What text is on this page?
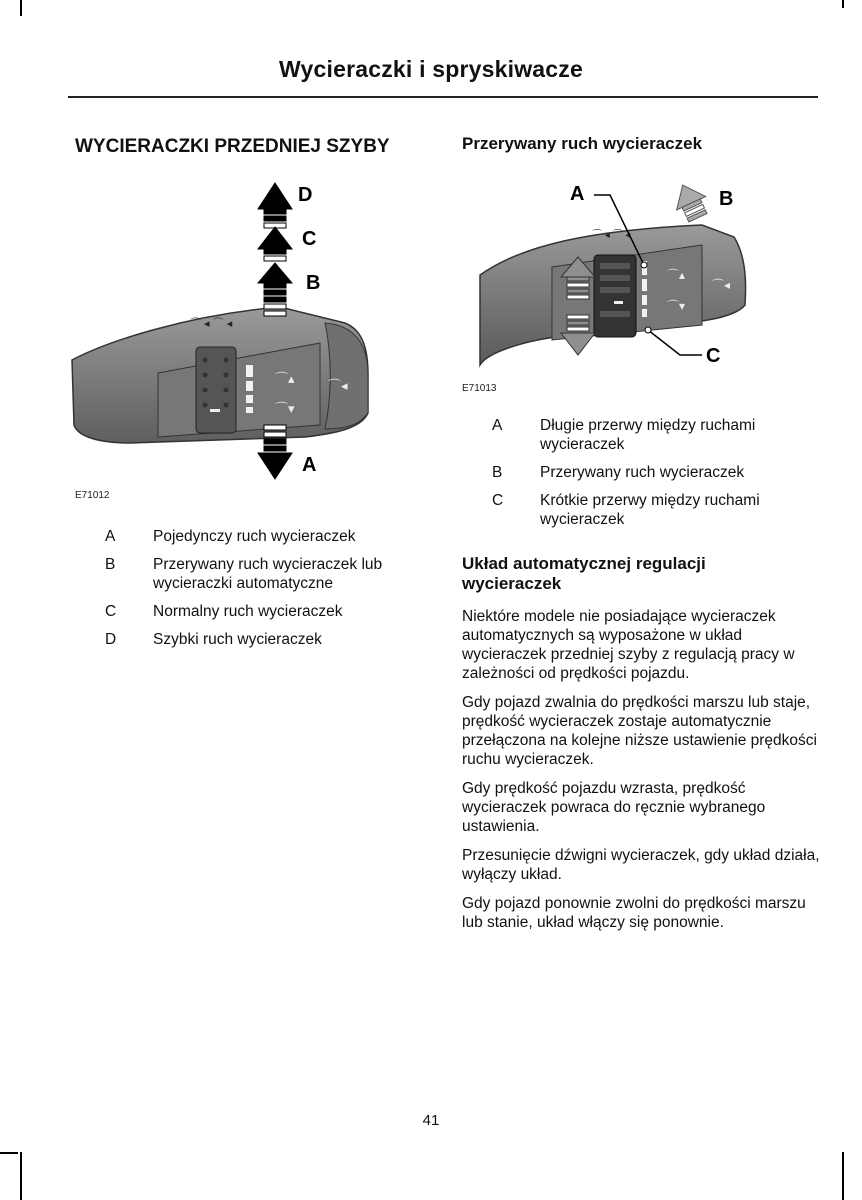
Wycieraczki i spryskiwacze
WYCIERACZKI PRZEDNIEJ SZYBY
⌒ ◂ ⌒ ◂
⌒▴
⌒▾
⌒◂
D
C
B
A
E71012
A Pojedynczy ruch wycieraczek
B Przerywany ruch wycieraczek lub wycieraczki automatyczne
C Normalny ruch wycieraczek
D Szybki ruch wycieraczek
Przerywany ruch wycieraczek
⌒ ◂ ⌒ ◂
⌒▴
⌒▾
⌒◂
A	B
C
E71013
A Długie przerwy między ruchami wycieraczek
B Przerywany ruch wycieraczek
C Krótkie przerwy między ruchami wycieraczek
Układ automatycznej regulacji wycieraczek

Niektóre modele nie posiadające wycieraczek automatycznych są wyposażone w układ wycieraczek przedniej szyby z regulacją pracy w zależności od prędkości pojazdu.

Gdy pojazd zwalnia do prędkości marszu lub staje, prędkość wycieraczek zostaje automatycznie przełączona na kolejne niższe ustawienie prędkości ruchu wycieraczek.

Gdy prędkość pojazdu wzrasta, prędkość wycieraczek powraca do ręcznie wybranego ustawienia.

Przesunięcie dźwigni wycieraczek, gdy układ działa, wyłączy układ.

Gdy pojazd ponownie zwolni do prędkości marszu lub stanie, układ włączy się ponownie.

41
